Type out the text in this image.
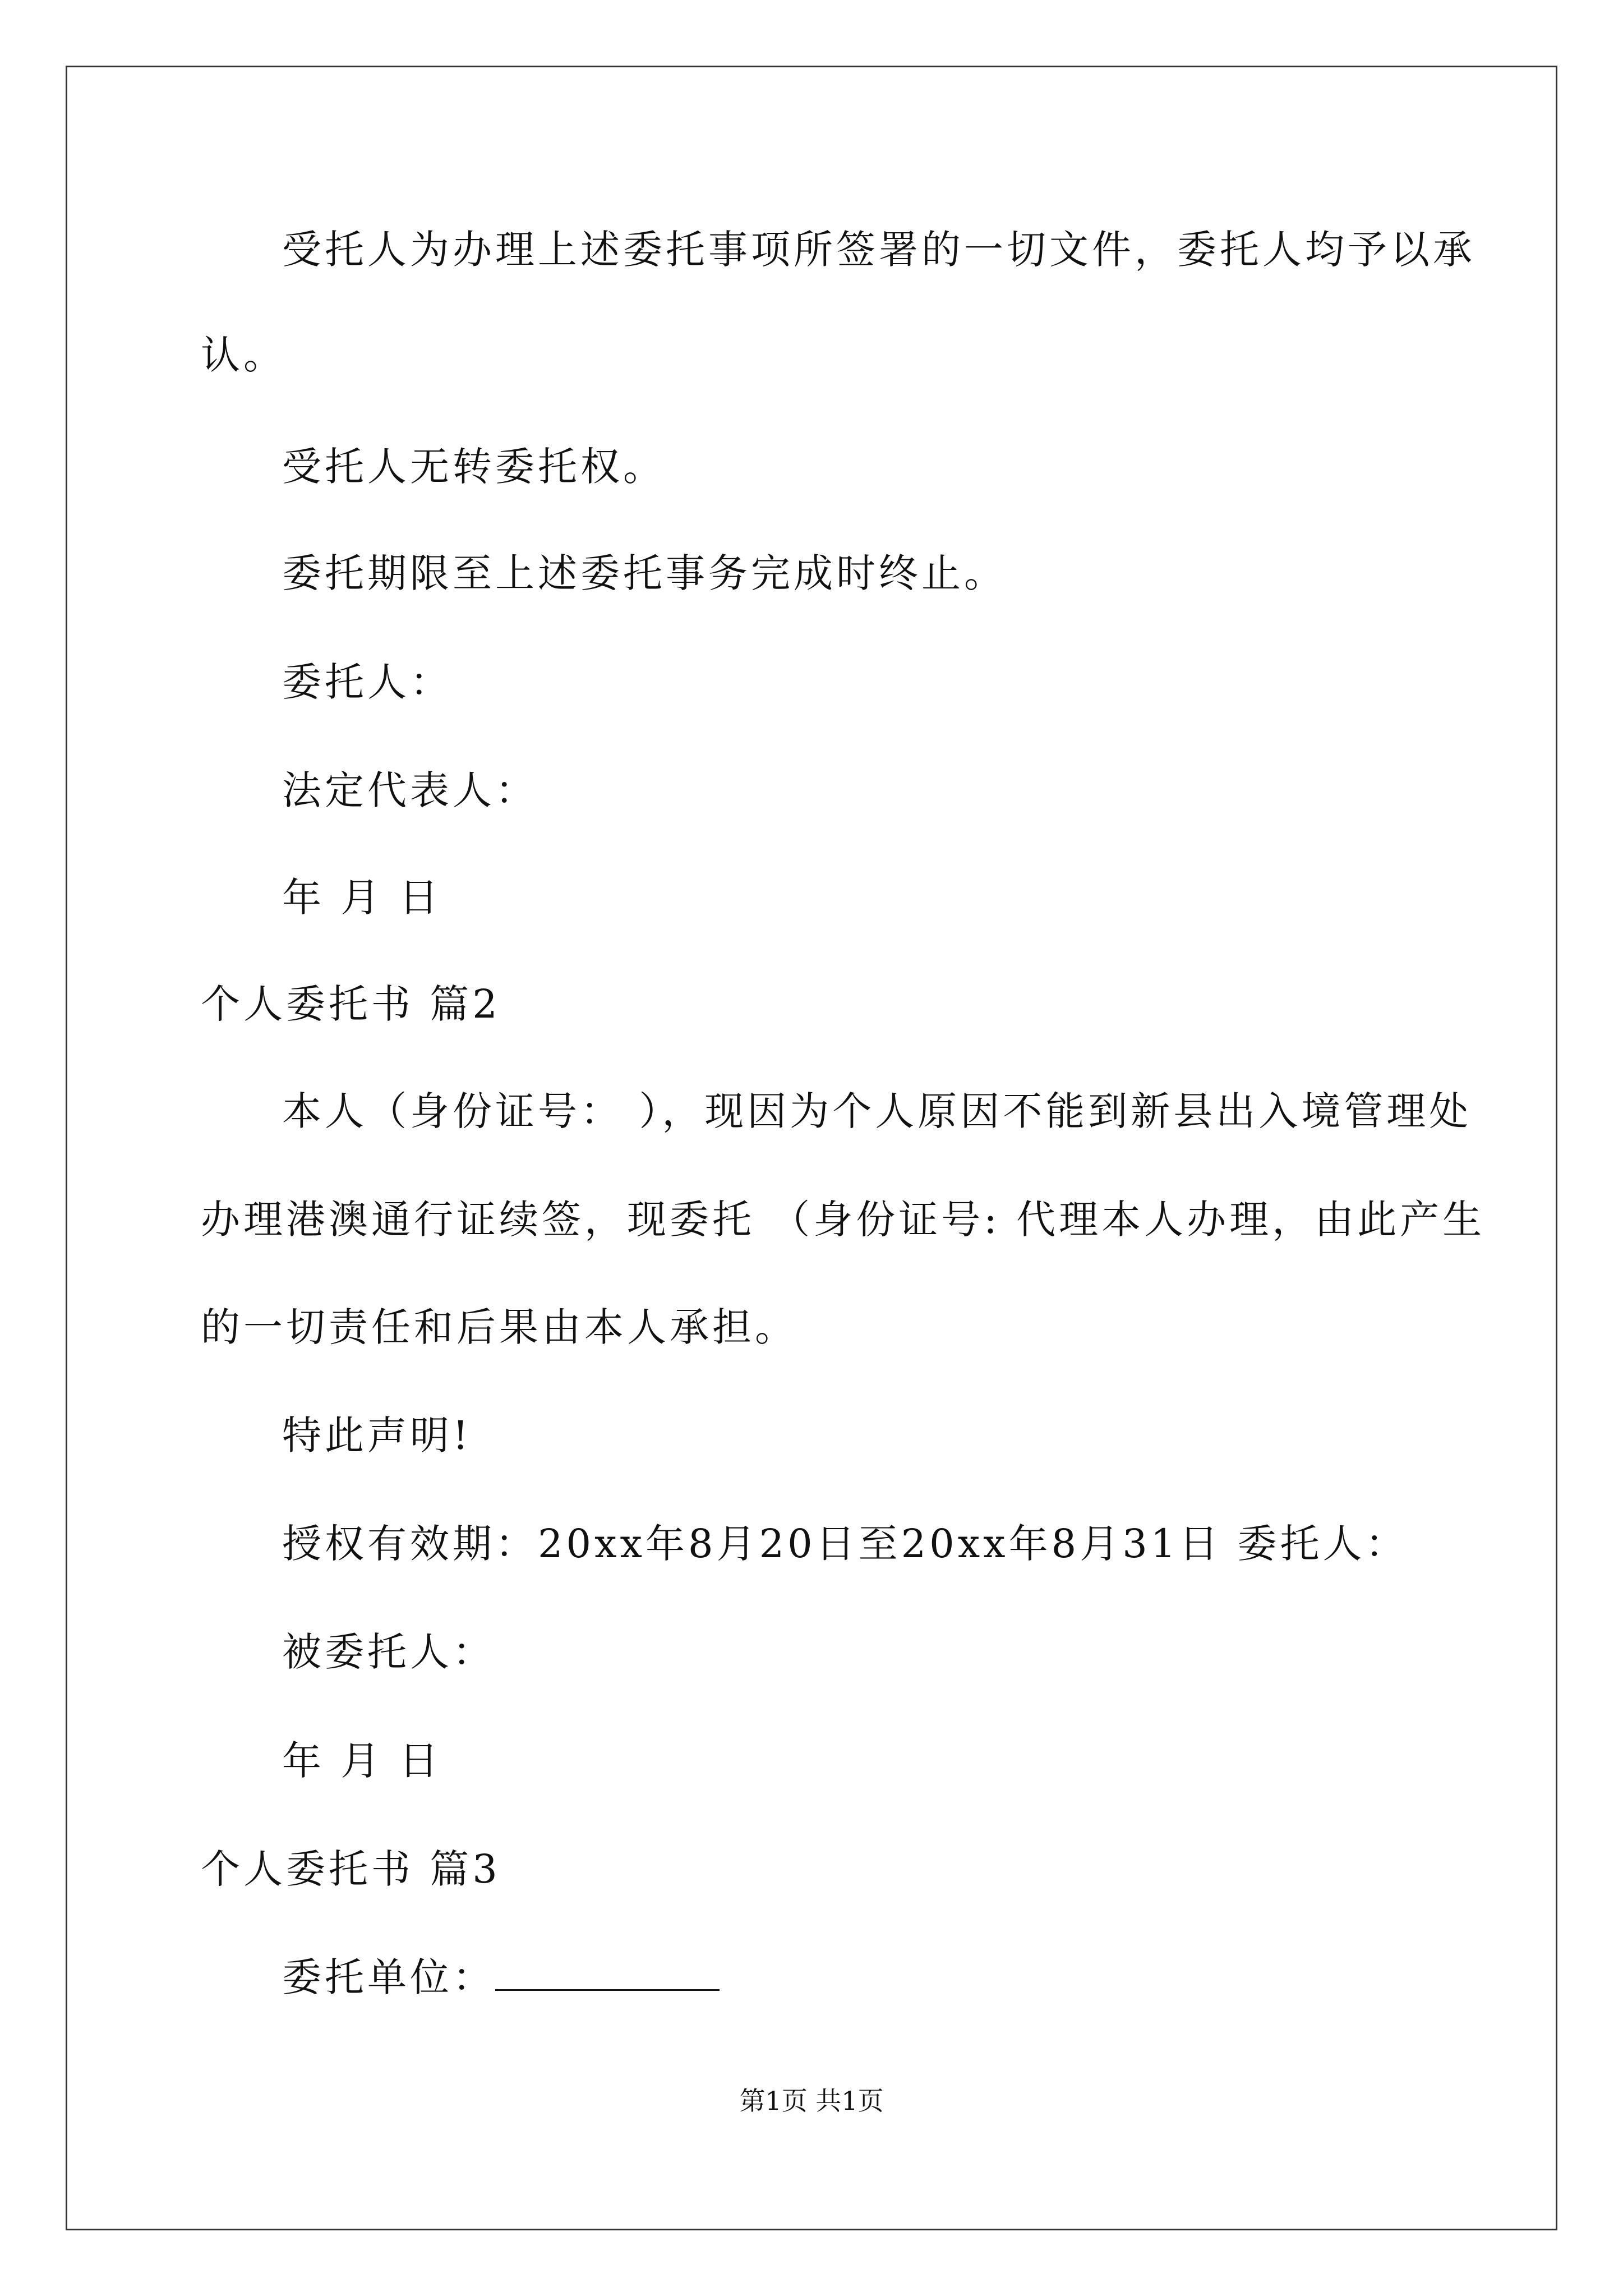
受托人为办理上述委托事项所签署的一切文件，委托人均予以承
认。
受托人无转委托权。
委托期限至上述委托事务完成时终止。
委托人：
法定代表人：
年 月 日
个人委托书 篇2
本人（身份证号： ），现因为个人原因不能到新县出入境管理处
办理港澳通行证续签，现委托 （身份证号: 代理本人办理，由此产生
的一切责任和后果由本人承担。
特此声明!
授权有效期：20xx年8月20日至20xx年8月31日 委托人：
被委托人：
年 月 日
个人委托书 篇3
委托单位：
第1页 共1页
